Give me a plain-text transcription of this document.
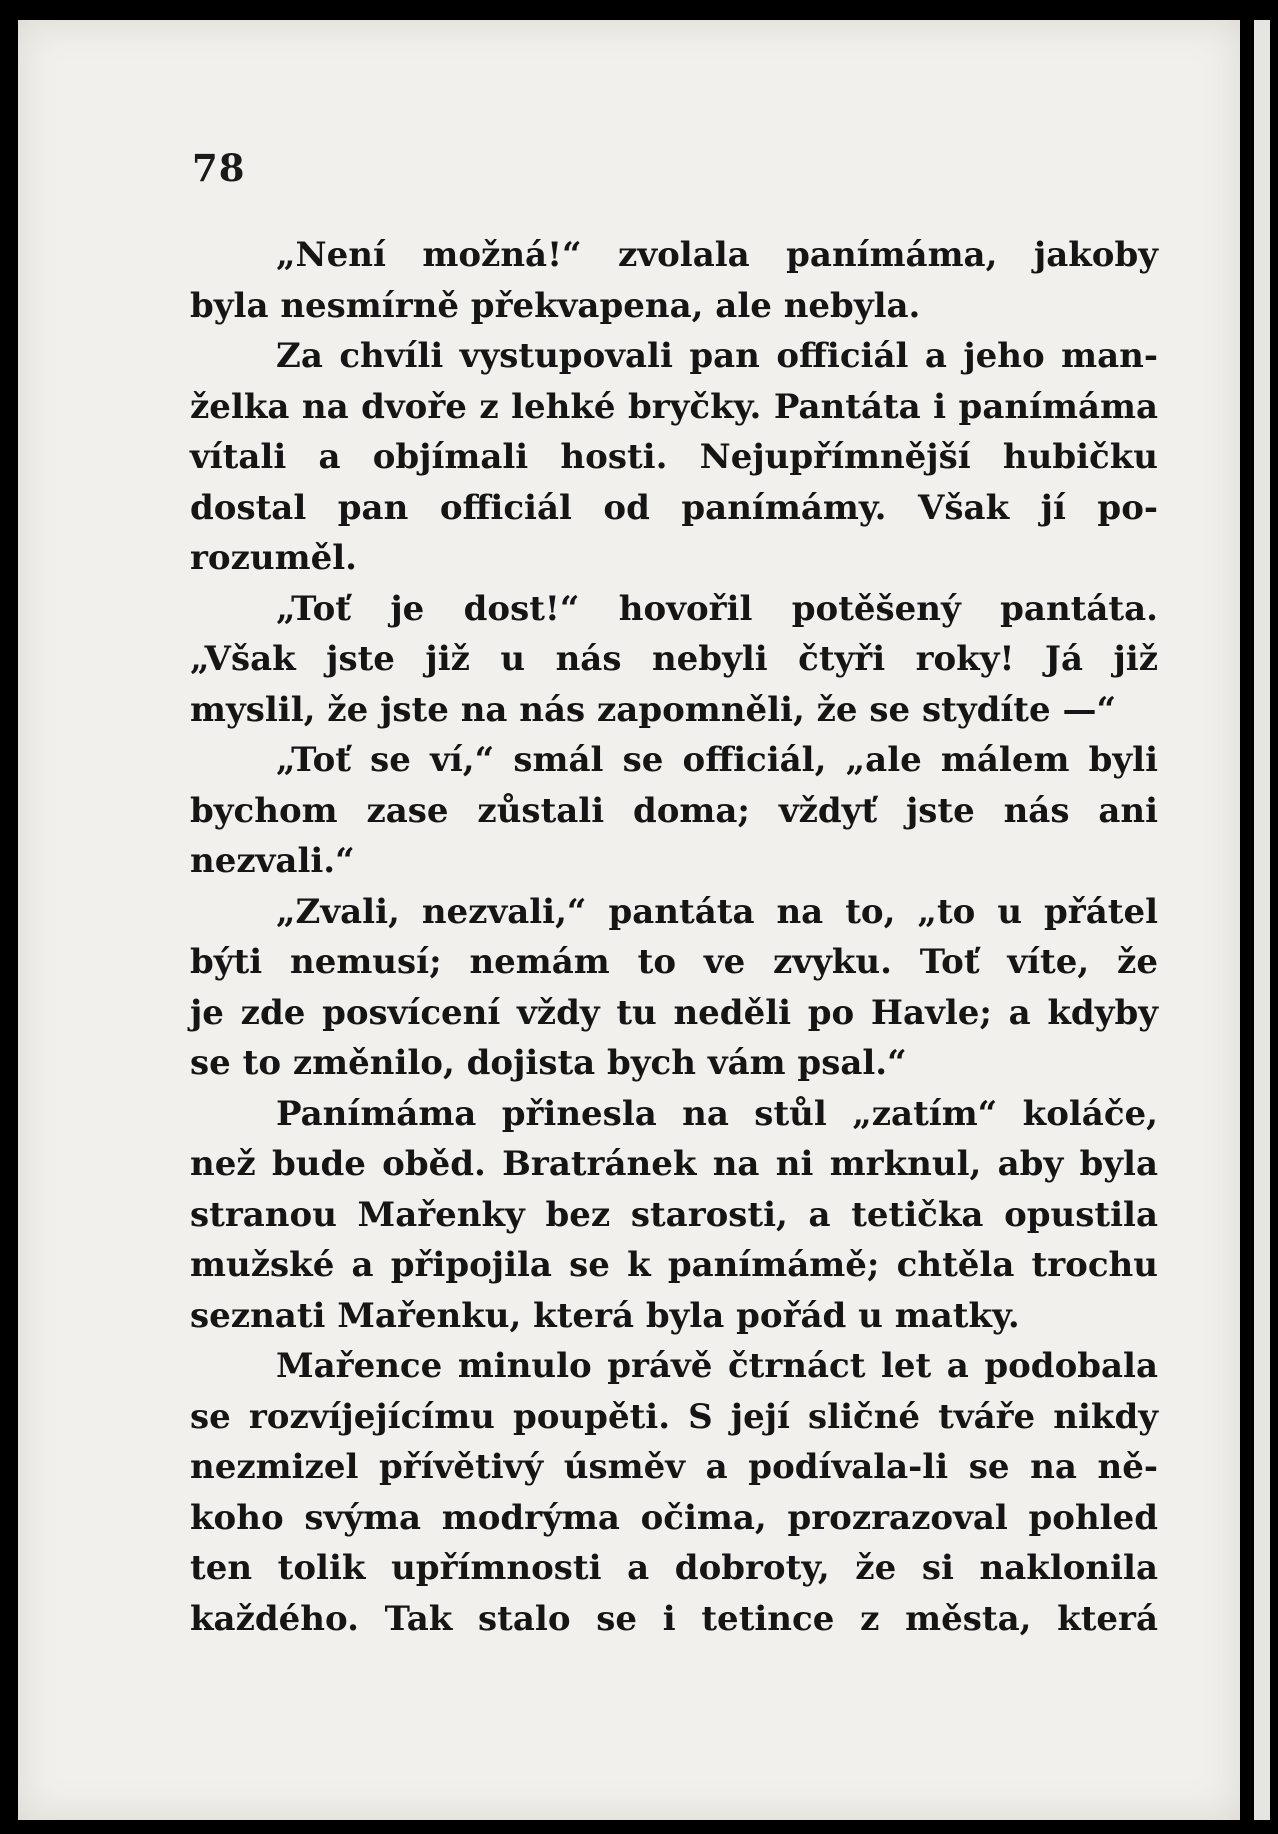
78
„Není možná!“ zvolala panímáma, jakoby
byla nesmírně překvapena, ale nebyla.
Za chvíli vystupovali pan officiál a jeho man-
želka na dvoře z lehké bryčky. Pantáta i panímáma
vítali a objímali hosti. Nejupřímnější hubičku
dostal pan officiál od panímámy. Však jí po-
rozuměl.
„Toť je dost!“ hovořil potěšený pantáta.
„Však jste již u nás nebyli čtyři roky! Já již
myslil, že jste na nás zapomněli, že se stydíte —“
„Toť se ví,“ smál se officiál, „ale málem byli
bychom zase zůstali doma; vždyť jste nás ani
nezvali.“
„Zvali, nezvali,“ pantáta na to, „to u přátel
býti nemusí; nemám to ve zvyku. Toť víte, že
je zde posvícení vždy tu neděli po Havle; a kdyby
se to změnilo, dojista bych vám psal.“
Panímáma přinesla na stůl „zatím“ koláče,
než bude oběd. Bratránek na ni mrknul, aby byla
stranou Mařenky bez starosti, a tetička opustila
mužské a připojila se k panímámě; chtěla trochu
seznati Mařenku, která byla pořád u matky.
Mařence minulo právě čtrnáct let a podobala
se rozvíjejícímu poupěti. S její sličné tváře nikdy
nezmizel přívětivý úsměv a podívala-li se na ně-
koho svýma modrýma očima, prozrazoval pohled
ten tolik upřímnosti a dobroty, že si naklonila
každého. Tak stalo se i tetince z města, která
